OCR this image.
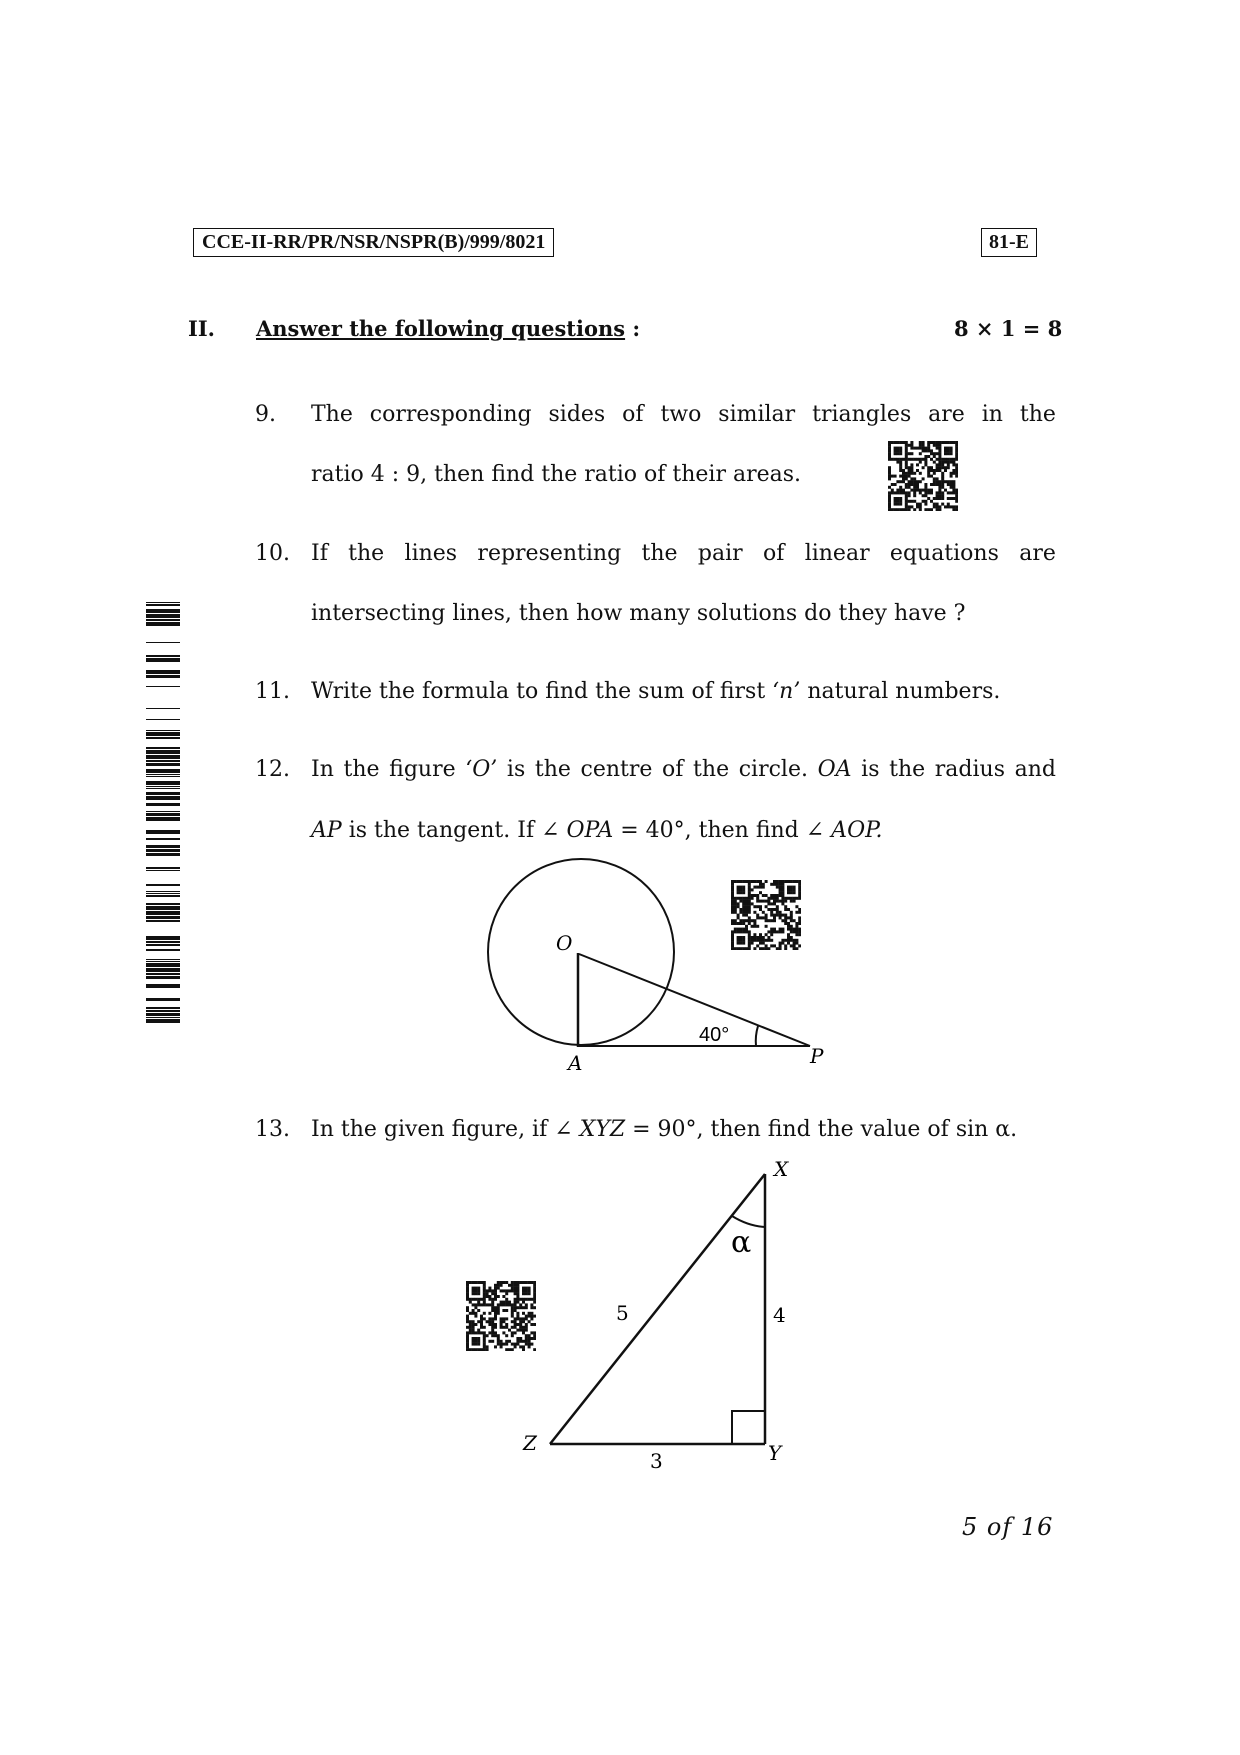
CCE-II-RR/PR/NSR/NSPR(B)/999/8021	81-E
II. Answer the following questions :	8 × 1 = 8
9. The corresponding sides of two similar triangles are in the
ratio 4 : 9, then find the ratio of their areas.
10. If the lines representing the pair of linear equations are
intersecting lines, then how many solutions do they have ?
11. Write the formula to find the sum of first ‘n’ natural numbers.
12. In the figure ‘O’ is the centre of the circle. OA is the radius and
AP is the tangent. If ∠ OPA = 40°, then find ∠ AOP.
O
A	P
40°
13. In the given figure, if ∠ XYZ = 90°, then find the value of sin α.
X
Y
Z
5	4
3
α
5 of 16
